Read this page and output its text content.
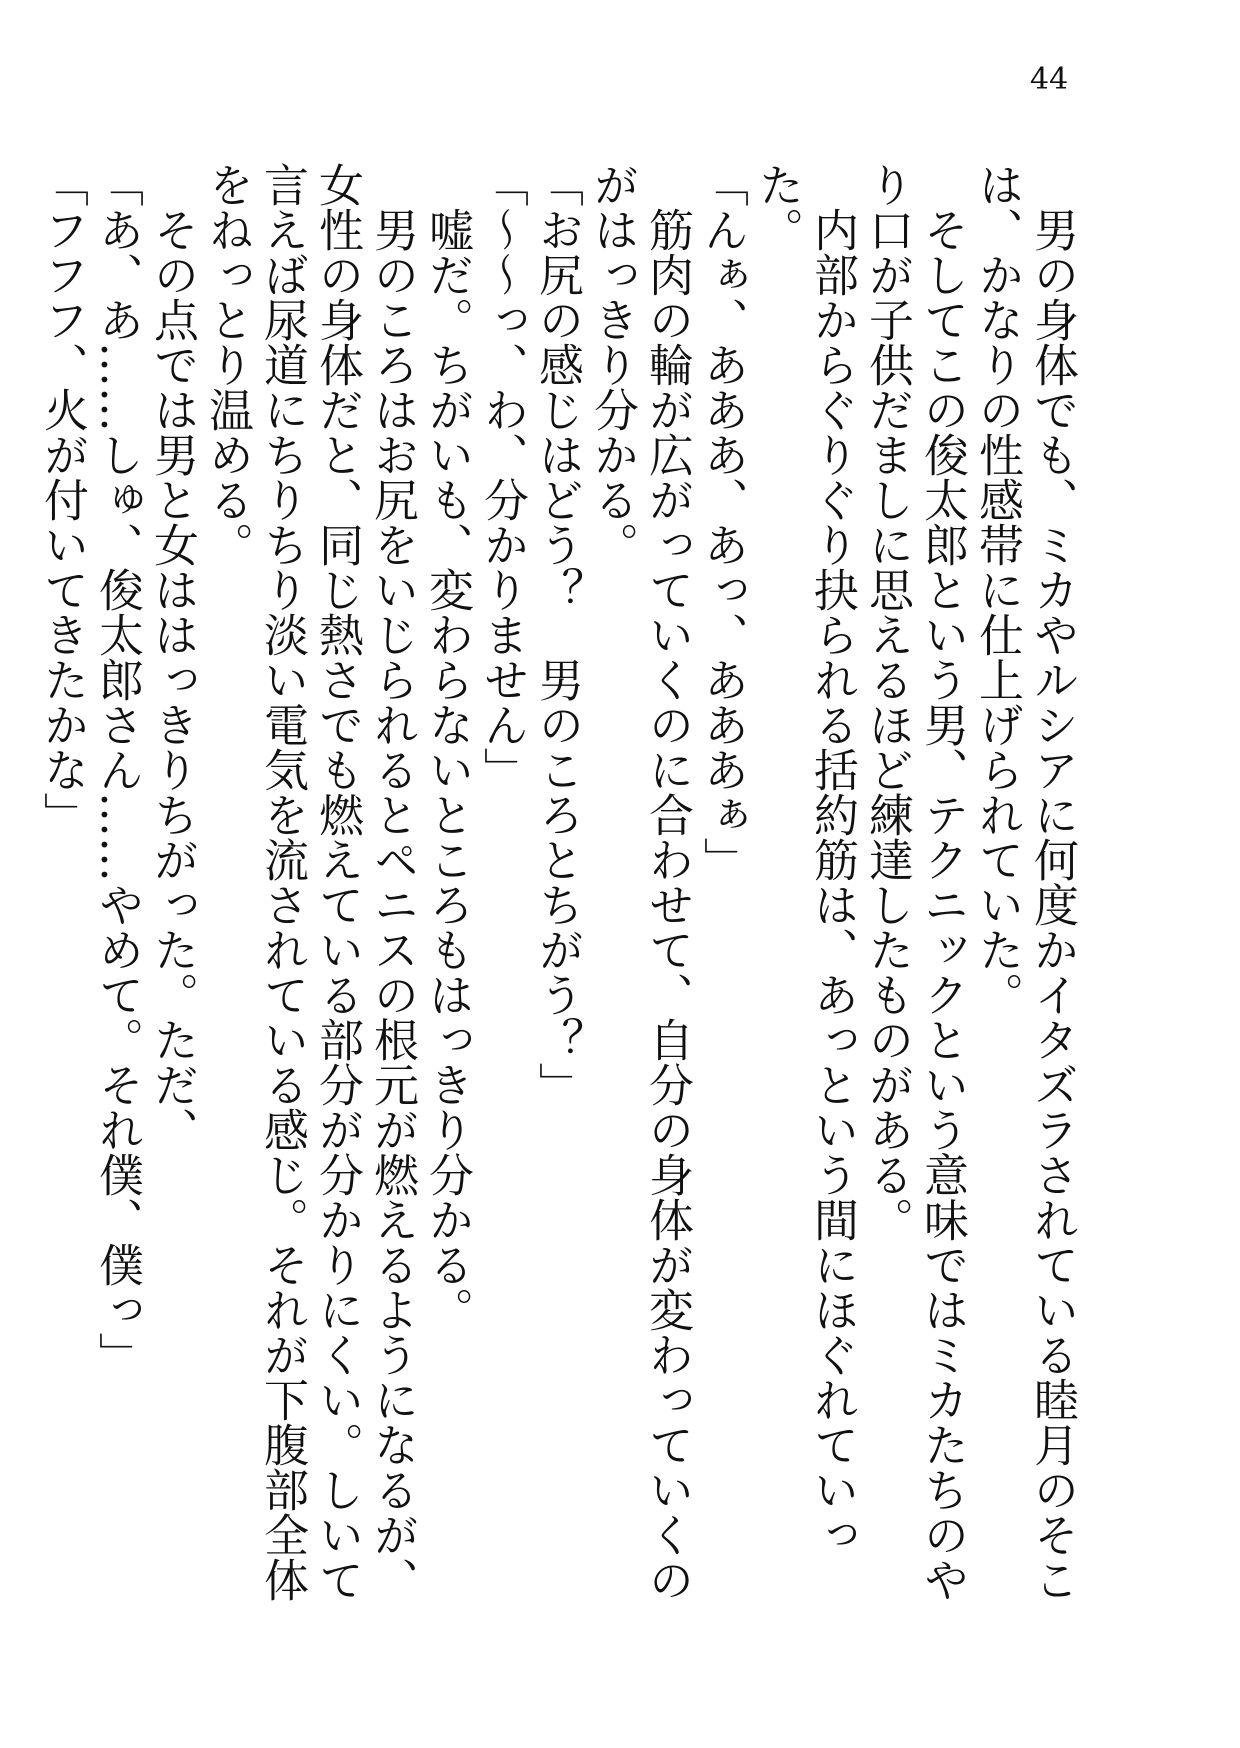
44

男の身体でも、ミカやルシアに何度かイタズラされている睦月のそこは、かなりの性感帯に仕上げられていた。

そしてこの俊太郎という男、テクニックという意味ではミカたちのやり口が子供だましに思えるほど練達したものがある。

内部からぐりぐり抉られる括約筋は、あっという間にほぐれていった。

「んぁ、あああ、あっ、あああぁ」

筋肉の輪が広がっていくのに合わせて、自分の身体が変わっていくのがはっきり分かる。

「お尻の感じはどう？　男のころとちがう？」

「〜〜っ、わ、分かりません」

嘘だ。ちがいも、変わらないところもはっきり分かる。

男のころはお尻をいじられるとペニスの根元が燃えるようになるが、女性の身体だと、同じ熱さでも燃えている部分が分かりにくい。しいて言えば尿道にちりちり淡い電気を流されている感じ。それが下腹部全体をねっとり温める。

その点では男と女ははっきりちがった。ただ、

「あ、あ……しゅ、俊太郎さん……やめて。それ僕、僕っ」

「フフフ、火が付いてきたかな」
